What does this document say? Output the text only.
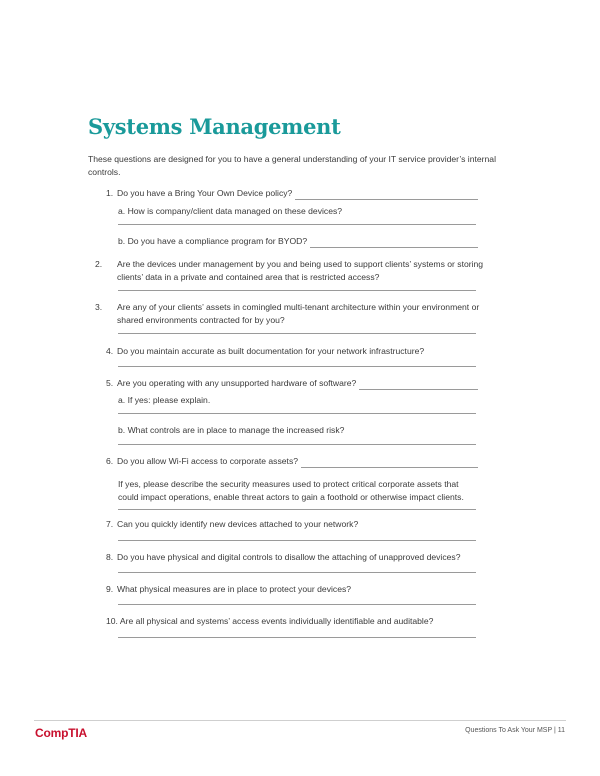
Systems Management

These questions are designed for you to have a general understanding of your IT service provider’s internal controls.

1. Do you have a Bring Your Own Device policy?
a. How is company/client data managed on these devices?
b.
Do you have a compliance program for BYOD?
2. Are the devices under management by you and being used to support clients’ systems or storing clients’ data in a private and contained area that is restricted access?
3. Are any of your clients’ assets in comingled multi-tenant architecture within your environment or shared environments contracted for by you?
4. Do you maintain accurate as built documentation for your network infrastructure?
5. Are you operating with any unsupported hardware of software?
a. If yes: please explain.
b. What controls are in place to manage the increased risk?
6. Do you allow Wi-Fi access to corporate assets?
If yes, please describe the security measures used to protect critical corporate assets that could impact operations, enable threat actors to gain a foothold or otherwise impact clients.
7. Can you quickly identify new devices attached to your network?
8. Do you have physical and digital controls to disallow the attaching of unapproved devices?
9. What physical measures are in place to protect your devices?
10. Are all physical and systems’ access events individually identifiable and auditable?
CompTIA	Questions To Ask Your MSP | 11
